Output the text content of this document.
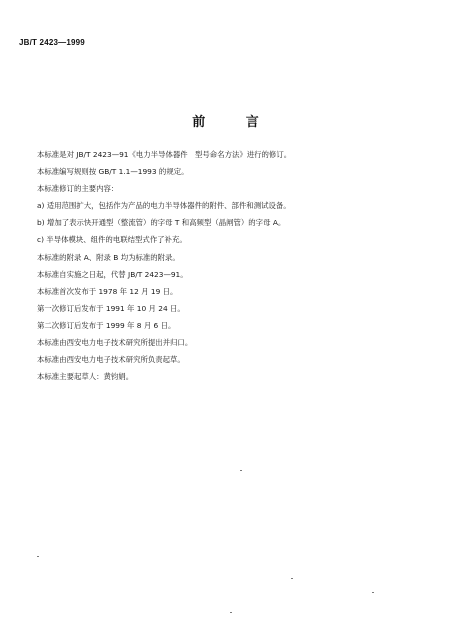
JB/T 2423—1999
前 言
本标准是对 JB/T 2423—91《电力半导体器件　型号命名方法》进行的修订。
本标准编写规则按 GB/T 1.1—1993 的规定。
本标准修订的主要内容：
a) 适用范围扩大，包括作为产品的电力半导体器件的附件、部件和测试设备。
b) 增加了表示快开通型（整流管）的字母 T 和高频型（晶闸管）的字母 A。
c) 半导体模块、组件的电联结型式作了补充。
本标准的附录 A、附录 B 均为标准的附录。
本标准自实施之日起，代替 JB/T 2423—91。
本标准首次发布于 1978 年 12 月 19 日。
第一次修订后发布于 1991 年 10 月 24 日。
第二次修订后发布于 1999 年 8 月 6 日。
本标准由西安电力电子技术研究所提出并归口。
本标准由西安电力电子技术研究所负责起草。
本标准主要起草人：黄钧娟。
